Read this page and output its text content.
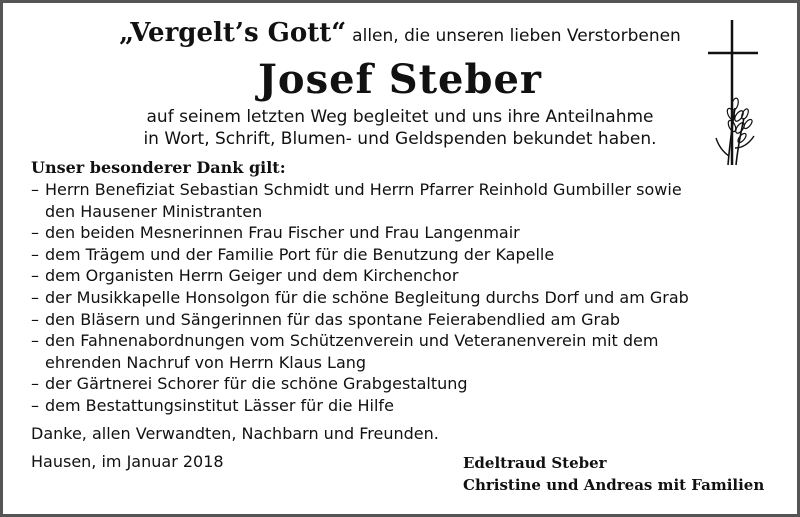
„Vergelt’s Gott“ allen, die unseren lieben Verstorbenen
Josef Steber
auf seinem letzten Weg begleitet und uns ihre Anteilnahme
in Wort, Schrift, Blumen- und Geldspenden bekundet haben.
Unser besonderer Dank gilt:
– Herrn Benefiziat Sebastian Schmidt und Herrn Pfarrer Reinhold Gumbiller sowie
den Hausener Ministranten
– den beiden Mesnerinnen Frau Fischer und Frau Langenmair
– dem Trägem und der Familie Port für die Benutzung der Kapelle
– dem Organisten Herrn Geiger und dem Kirchenchor
– der Musikkapelle Honsolgon für die schöne Begleitung durchs Dorf und am Grab
– den Bläsern und Sängerinnen für das spontane Feierabendlied am Grab
– den Fahnenabordnungen vom Schützenverein und Veteranenverein mit dem
ehrenden Nachruf von Herrn Klaus Lang
– der Gärtnerei Schorer für die schöne Grabgestaltung
– dem Bestattungsinstitut Lässer für die Hilfe
Danke, allen Verwandten, Nachbarn und Freunden.
Hausen, im Januar 2018	Edeltraud Steber
Christine und Andreas mit Familien
